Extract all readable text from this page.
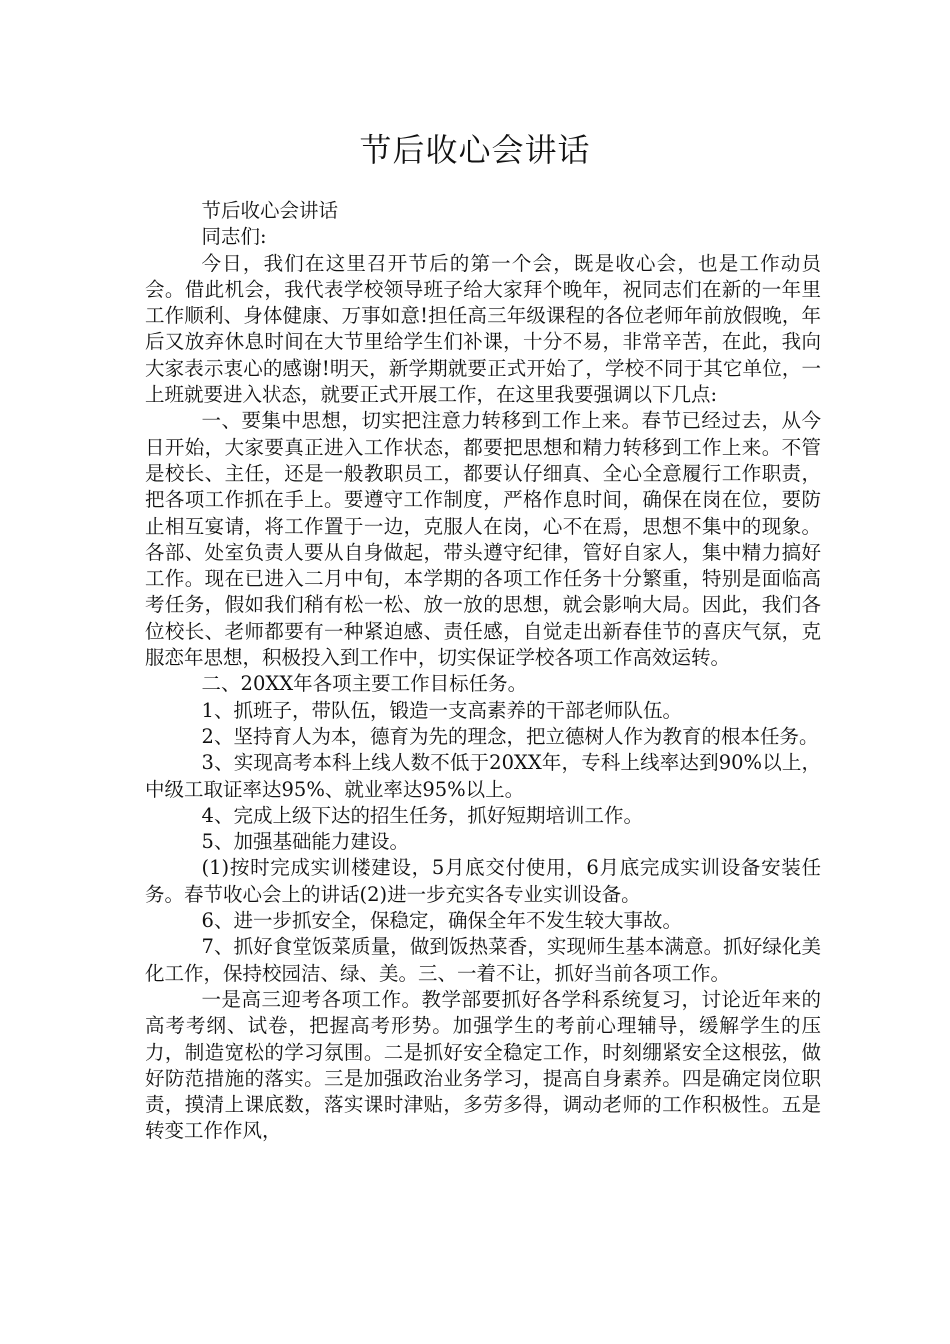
节后收心会讲话

节后收心会讲话

同志们:

今日，我们在这里召开节后的第一个会，既是收心会，也是工作动员会。借此机会，我代表学校领导班子给大家拜个晚年，祝同志们在新的一年里工作顺利、身体健康、万事如意!担任高三年级课程的各位老师年前放假晚，年后又放弃休息时间在大节里给学生们补课，十分不易，非常辛苦，在此，我向大家表示衷心的感谢!明天，新学期就要正式开始了，学校不同于其它单位，一上班就要进入状态，就要正式开展工作，在这里我要强调以下几点:

一、要集中思想，切实把注意力转移到工作上来。春节已经过去，从今日开始，大家要真正进入工作状态，都要把思想和精力转移到工作上来。不管是校长、主任，还是一般教职员工，都要认仔细真、全心全意履行工作职责，把各项工作抓在手上。要遵守工作制度，严格作息时间，确保在岗在位，要防止相互宴请，将工作置于一边，克服人在岗，心不在焉，思想不集中的现象。各部、处室负责人要从自身做起，带头遵守纪律，管好自家人，集中精力搞好工作。现在已进入二月中旬，本学期的各项工作任务十分繁重，特别是面临高考任务，假如我们稍有松一松、放一放的思想，就会影响大局。因此，我们各位校长、老师都要有一种紧迫感、责任感，自觉走出新春佳节的喜庆气氛，克服恋年思想，积极投入到工作中，切实保证学校各项工作高效运转。

二、20XX年各项主要工作目标任务。

1、抓班子，带队伍，锻造一支高素养的干部老师队伍。

2、坚持育人为本，德育为先的理念，把立德树人作为教育的根本任务。

3、实现高考本科上线人数不低于20XX年，专科上线率达到90%以上，中级工取证率达95%、就业率达95%以上。

4、完成上级下达的招生任务，抓好短期培训工作。

5、加强基础能力建设。

(1)按时完成实训楼建设，5月底交付使用，6月底完成实训设备安装任务。春节收心会上的讲话(2)进一步充实各专业实训设备。

6、进一步抓安全，保稳定，确保全年不发生较大事故。

7、抓好食堂饭菜质量，做到饭热菜香，实现师生基本满意。抓好绿化美化工作，保持校园洁、绿、美。三、一着不让，抓好当前各项工作。

一是高三迎考各项工作。教学部要抓好各学科系统复习，讨论近年来的高考考纲、试卷，把握高考形势。加强学生的考前心理辅导，缓解学生的压力，制造宽松的学习氛围。二是抓好安全稳定工作，时刻绷紧安全这根弦，做好防范措施的落实。三是加强政治业务学习，提高自身素养。四是确定岗位职责，摸清上课底数，落实课时津贴，多劳多得，调动老师的工作积极性。五是转变工作作风，
